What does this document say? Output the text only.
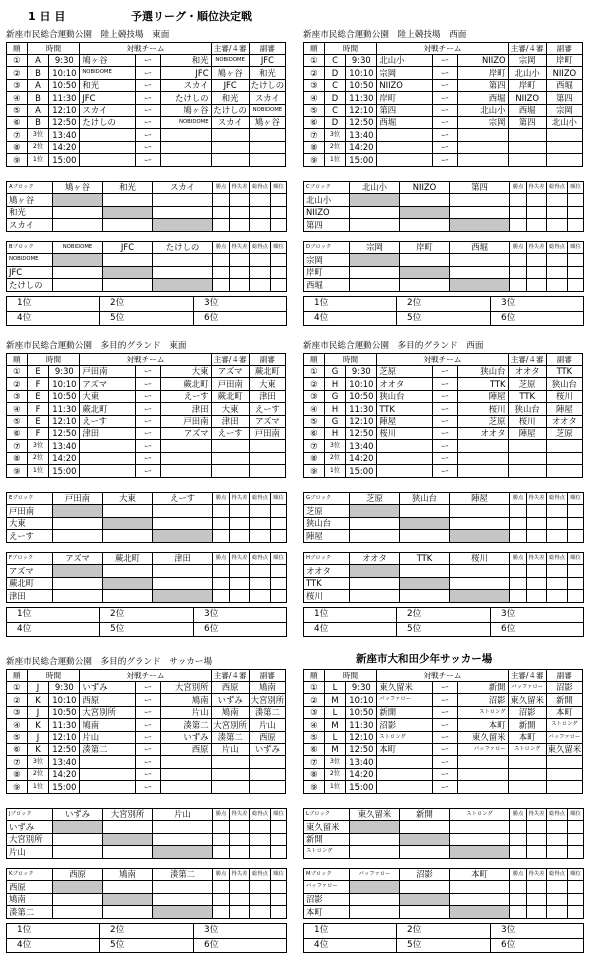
1 日 目	予選リーグ・順位決定戦
新座市民総合運動公園　陸上競技場　東面
順	時間		対戦チーム			主審/４審	副審
①	A	9:30	鳩ヶ谷	ー	和光	NOBIDOME	JFC
②	B	10:10	NOBIDOME	ー	JFC	鳩ヶ谷	和光
③	A	10:50	和光	ー	スカイ	JFC	たけしの
④	B	11:30	JFC	ー	たけしの	和光	スカイ
⑤	A	12:10	スカイ	ー	鳩ヶ谷	たけしの	NOBIDOME
⑥	B	12:50	たけしの	ー	NOBIDOME	スカイ	鳩ヶ谷
⑦	3位	13:40		ー			
⑧	2位	14:20		ー			
⑨	1位	15:00		ー			
Aブロック	鳩ヶ谷	和光	スカイ	勝点	得失差	総得点	順位
鳩ヶ谷							
和光							
スカイ							
Bブロック	NOBIDOME	JFC	たけしの	勝点	得失差	総得点	順位
NOBIDOME							
JFC							
たけしの							
1位	2位	3位
4位	5位	6位
新座市民総合運動公園　陸上競技場　西面
順	時間		対戦チーム			主審/４審	副審
①	C	9:30	北山小	ー	NIIZO	宗岡	岸町
②	D	10:10	宗岡	ー	岸町	北山小	NIIZO
③	C	10:50	NIIZO	ー	第四	岸町	西堀
④	D	11:30	岸町	ー	西堀	NIIZO	第四
⑤	C	12:10	第四	ー	北山小	西堀	宗岡
⑥	D	12:50	西堀	ー	宗岡	第四	北山小
⑦	3位	13:40		ー			
⑧	2位	14:20		ー			
⑨	1位	15:00		ー			
Cブロック	北山小	NIIZO	第四	勝点	得失差	総得点	順位
北山小							
NIIZO							
第四							
Dブロック	宗岡	岸町	西堀	勝点	得失差	総得点	順位
宗岡							
岸町							
西堀							
1位	2位	3位
4位	5位	6位
新座市民総合運動公園　多目的グランド　東面
順	時間		対戦チーム			主審/４審	副審
①	E	9:30	戸田南	ー	大東	アズマ	蕨北町
②	F	10:10	アズマ	ー	蕨北町	戸田南	大東
③	E	10:50	大東	ー	えーす	蕨北町	津田
④	F	11:30	蕨北町	ー	津田	大東	えーす
⑤	E	12:10	えーす	ー	戸田南	津田	アズマ
⑥	F	12:50	津田	ー	アズマ	えーす	戸田南
⑦	3位	13:40		ー			
⑧	2位	14:20		ー			
⑨	1位	15:00		ー			
Eブロック	戸田南	大東	えーす	勝点	得失差	総得点	順位
戸田南							
大東							
えーす							
Fブロック	アズマ	蕨北町	津田	勝点	得失差	総得点	順位
アズマ							
蕨北町							
津田							
1位	2位	3位
4位	5位	6位
新座市民総合運動公園　多目的グランド　西面
順	時間		対戦チーム			主審/４審	副審
①	G	9:30	芝原	ー	狭山台	オオタ	TTK
②	H	10:10	オオタ	ー	TTK	芝原	狭山台
③	G	10:50	狭山台	ー	陣屋	TTK	桜川
④	H	11:30	TTK	ー	桜川	狭山台	陣屋
⑤	G	12:10	陣屋	ー	芝原	桜川	オオタ
⑥	H	12:50	桜川	ー	オオタ	陣屋	芝原
⑦	3位	13:40		ー			
⑧	2位	14:20		ー			
⑨	1位	15:00		ー			
Gブロック	芝原	狭山台	陣屋	勝点	得失差	総得点	順位
芝原							
狭山台							
陣屋							
Hブロック	オオタ	TTK	桜川	勝点	得失差	総得点	順位
オオタ							
TTK							
桜川							
1位	2位	3位
4位	5位	6位
新座市民総合運動公園　多目的グランド　サッカー場
順	時間		対戦チーム			主審/４審	副審
①	J	9:30	いずみ	ー	大宮別所	西原	鳩南
②	K	10:10	西原	ー	鳩南	いずみ	大宮別所
③	J	10:50	大宮別所	ー	片山	鳩南	湊第二
④	K	11:30	鳩南	ー	湊第二	大宮別所	片山
⑤	J	12:10	片山	ー	いずみ	湊第二	西原
⑥	K	12:50	湊第二	ー	西原	片山	いずみ
⑦	3位	13:40		ー			
⑧	2位	14:20		ー			
⑨	1位	15:00		ー			
Jブロック	いずみ	大宮別所	片山	勝点	得失差	総得点	順位
いずみ							
大宮別所							
片山							
Kブロック	西原	鳩南	湊第二	勝点	得失差	総得点	順位
西原							
鳩南							
湊第二							
1位	2位	3位
4位	5位	6位
新座市大和田少年サッカー場
順	時間		対戦チーム			主審/４審	副審
①	L	9:30	東久留米	ー	新開	バッファロー	沼影
②	M	10:10	バッファロー	ー	沼影	東久留米	新開
③	L	10:50	新開	ー	ストロング	沼影	本町
④	M	11:30	沼影	ー	本町	新開	ストロング
⑤	L	12:10	ストロング	ー	東久留米	本町	バッファロー
⑥	M	12:50	本町	ー	バッファロー	ストロング	東久留米
⑦	3位	13:40		ー			
⑧	2位	14:20		ー			
⑨	1位	15:00		ー			
Lブロック	東久留米	新開	ストロング	勝点	得失差	総得点	順位
東久留米							
新開							
ストロング							
Mブロック	バッファロー	沼影	本町	勝点	得失差	総得点	順位
バッファロー							
沼影							
本町							
1位	2位	3位
4位	5位	6位
